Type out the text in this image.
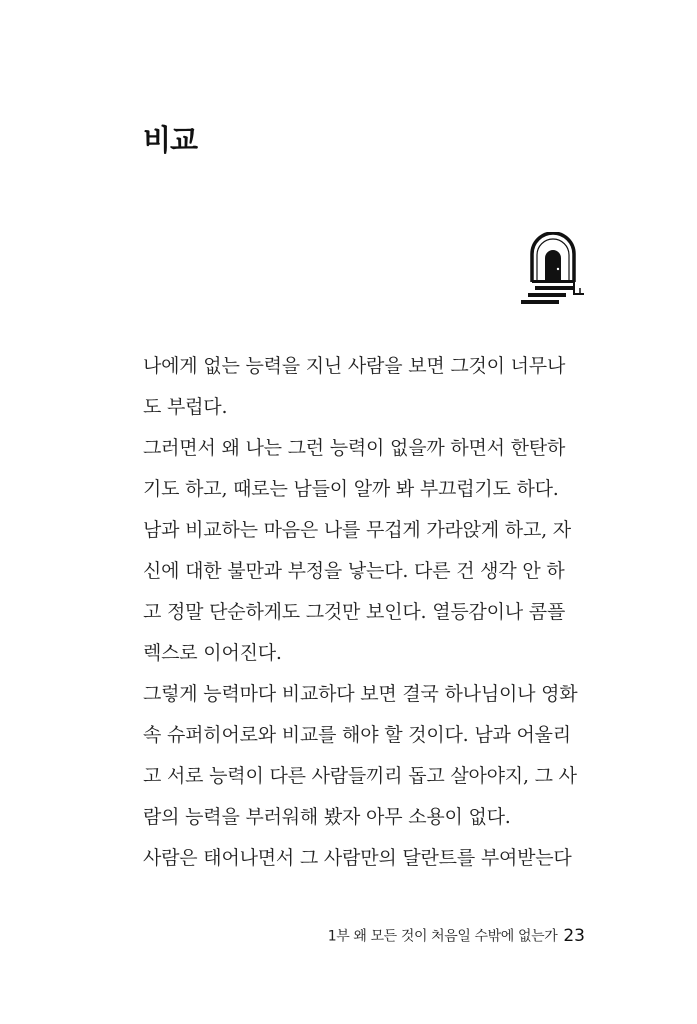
비교
나에게 없는 능력을 지닌 사람을 보면 그것이 너무나
도 부럽다.
그러면서 왜 나는 그런 능력이 없을까 하면서 한탄하
기도 하고, 때로는 남들이 알까 봐 부끄럽기도 하다.
남과 비교하는 마음은 나를 무겁게 가라앉게 하고, 자
신에 대한 불만과 부정을 낳는다. 다른 건 생각 안 하
고 정말 단순하게도 그것만 보인다. 열등감이나 콤플
렉스로 이어진다.
그렇게 능력마다 비교하다 보면 결국 하나님이나 영화
속 슈퍼히어로와 비교를 해야 할 것이다. 남과 어울리
고 서로 능력이 다른 사람들끼리 돕고 살아야지, 그 사
람의 능력을 부러워해 봤자 아무 소용이 없다.
사람은 태어나면서 그 사람만의 달란트를 부여받는다
1부 왜 모든 것이 처음일 수밖에 없는가 23
